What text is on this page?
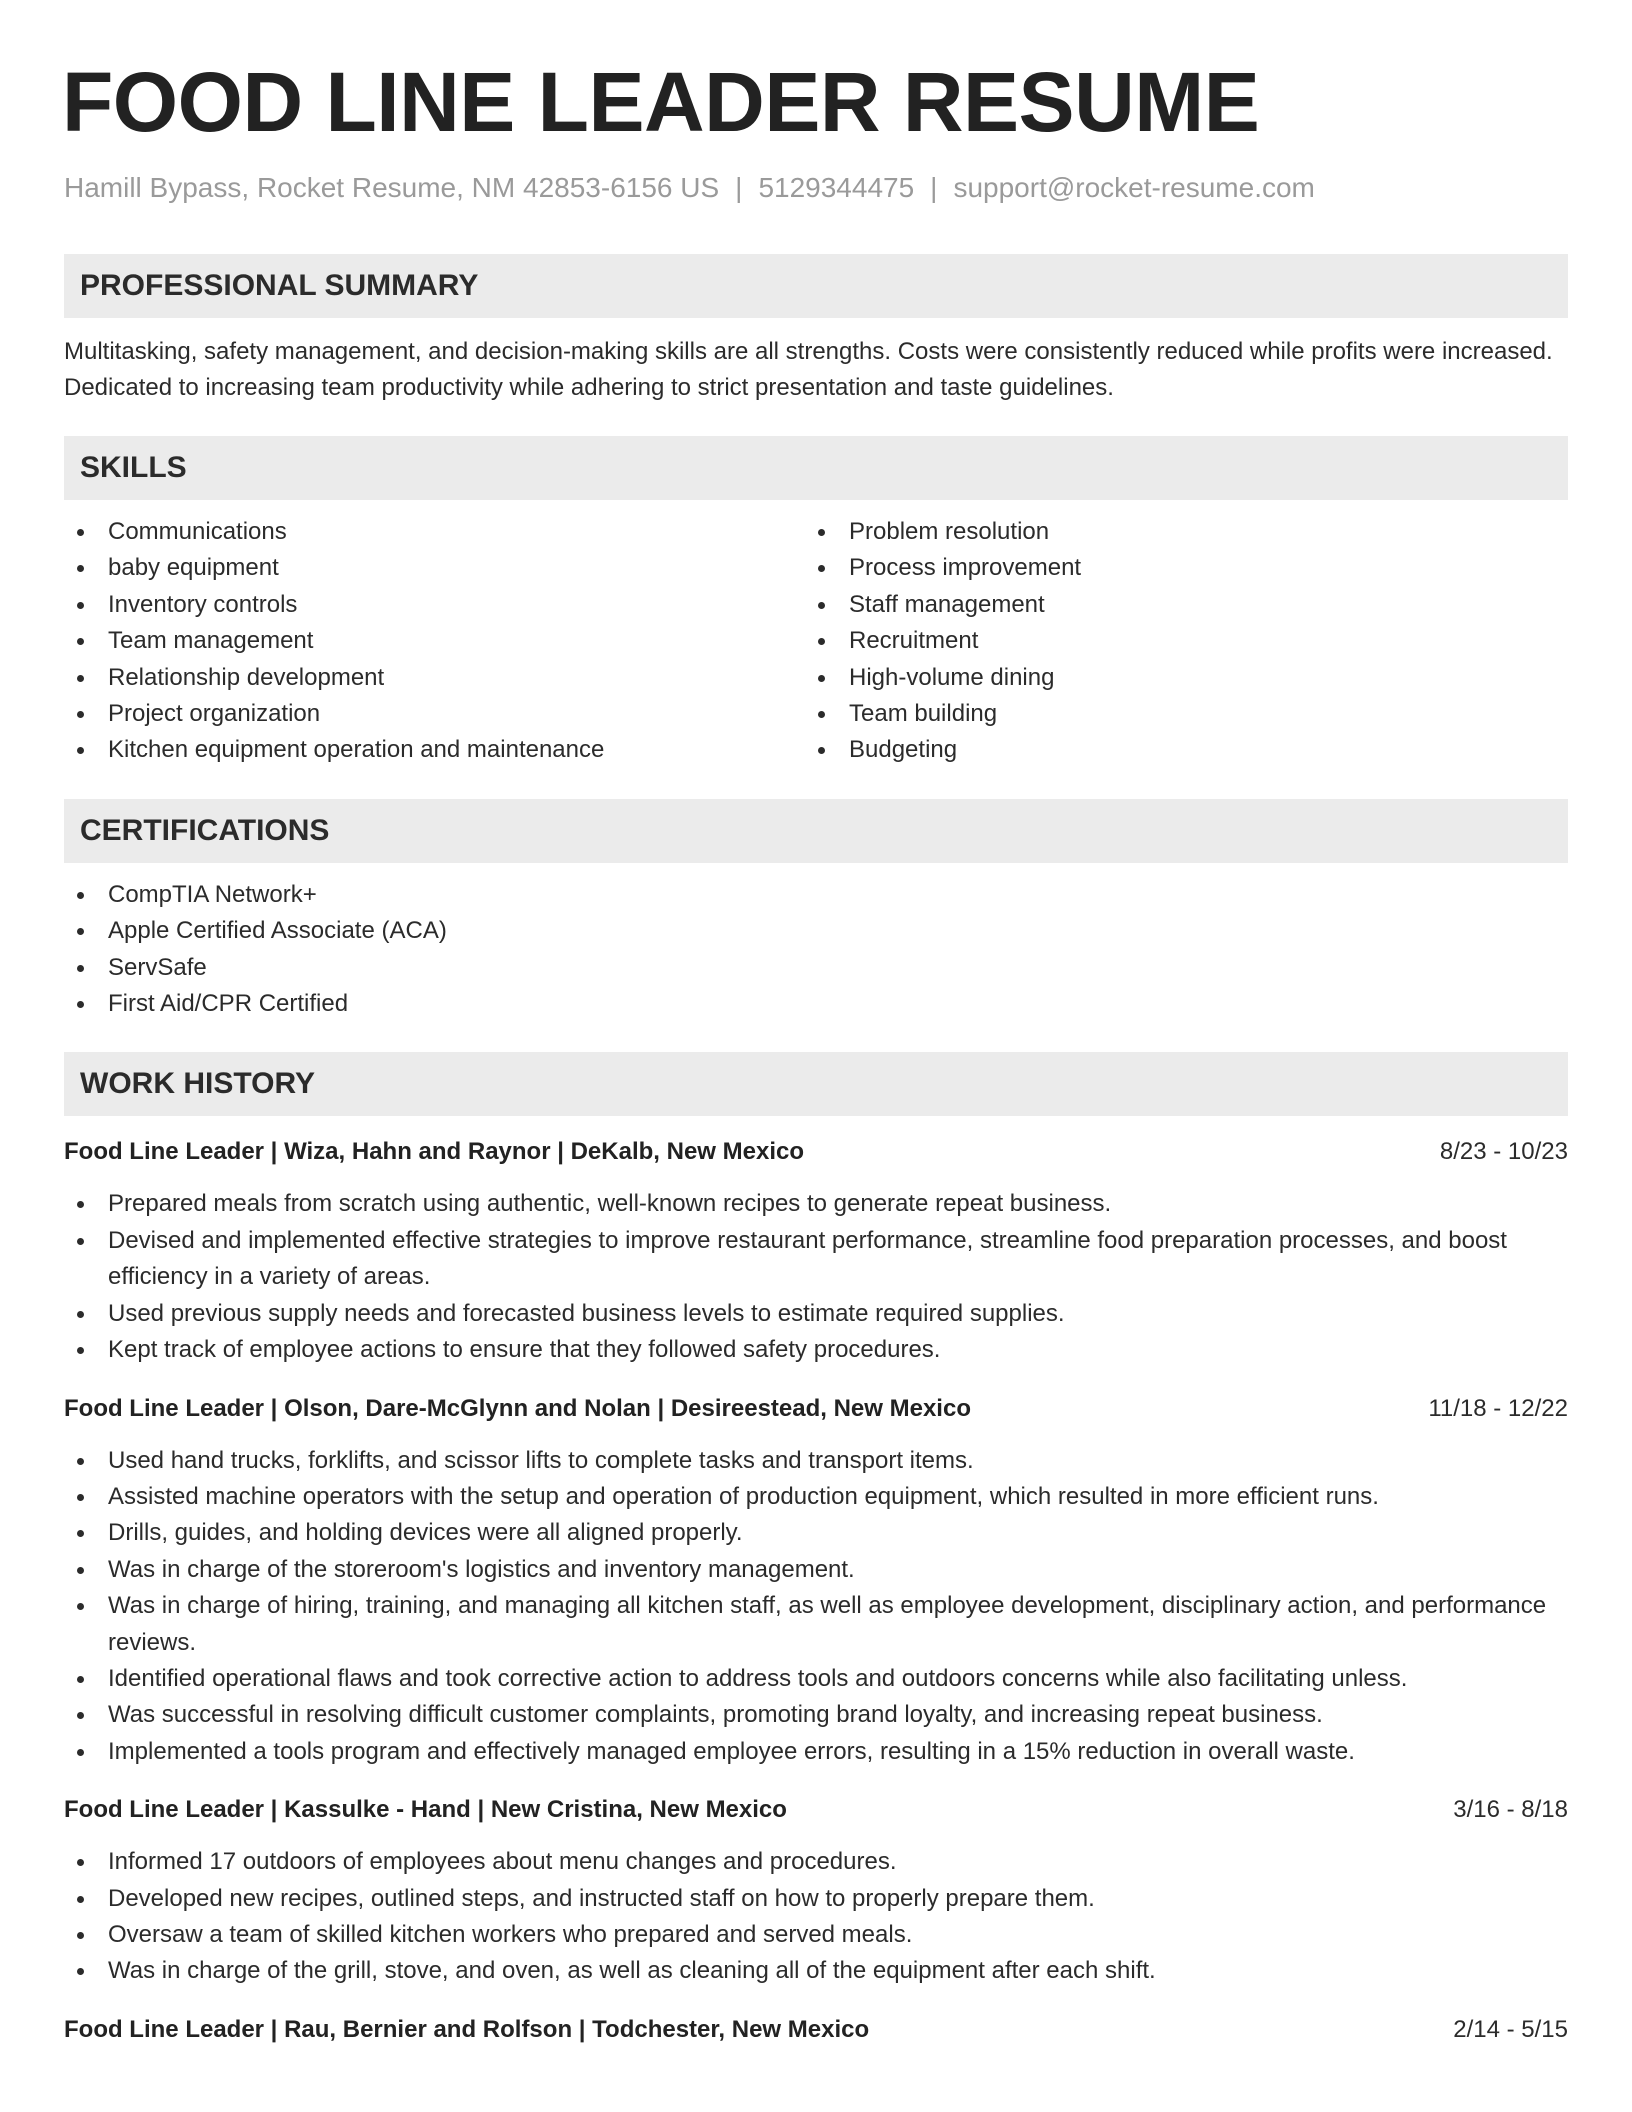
FOOD LINE LEADER RESUME
Hamill Bypass, Rocket Resume, NM 42853-6156 US | 5129344475 | support@rocket-resume.com
PROFESSIONAL SUMMARY

Multitasking, safety management, and decision-making skills are all strengths. Costs were consistently reduced while profits were increased. Dedicated to increasing team productivity while adhering to strict presentation and taste guidelines.

SKILLS
Communications
baby equipment
Inventory controls
Team management
Relationship development
Project organization
Kitchen equipment operation and maintenance
Problem resolution
Process improvement
Staff management
Recruitment
High-volume dining
Team building
Budgeting
CERTIFICATIONS
CompTIA Network+
Apple Certified Associate (ACA)
ServSafe
First Aid/CPR Certified
WORK HISTORY
Food Line Leader | Wiza, Hahn and Raynor | DeKalb, New Mexico	8/23 - 10/23
Prepared meals from scratch using authentic, well-known recipes to generate repeat business.
Devised and implemented effective strategies to improve restaurant performance, streamline food preparation processes, and boost efficiency in a variety of areas.
Used previous supply needs and forecasted business levels to estimate required supplies.
Kept track of employee actions to ensure that they followed safety procedures.
Food Line Leader | Olson, Dare-McGlynn and Nolan | Desireestead, New Mexico	11/18 - 12/22
Used hand trucks, forklifts, and scissor lifts to complete tasks and transport items.
Assisted machine operators with the setup and operation of production equipment, which resulted in more efficient runs.
Drills, guides, and holding devices were all aligned properly.
Was in charge of the storeroom's logistics and inventory management.
Was in charge of hiring, training, and managing all kitchen staff, as well as employee development, disciplinary action, and performance reviews.
Identified operational flaws and took corrective action to address tools and outdoors concerns while also facilitating unless.
Was successful in resolving difficult customer complaints, promoting brand loyalty, and increasing repeat business.
Implemented a tools program and effectively managed employee errors, resulting in a 15% reduction in overall waste.
Food Line Leader | Kassulke - Hand | New Cristina, New Mexico	3/16 - 8/18
Informed 17 outdoors of employees about menu changes and procedures.
Developed new recipes, outlined steps, and instructed staff on how to properly prepare them.
Oversaw a team of skilled kitchen workers who prepared and served meals.
Was in charge of the grill, stove, and oven, as well as cleaning all of the equipment after each shift.
Food Line Leader | Rau, Bernier and Rolfson | Todchester, New Mexico	2/14 - 5/15
